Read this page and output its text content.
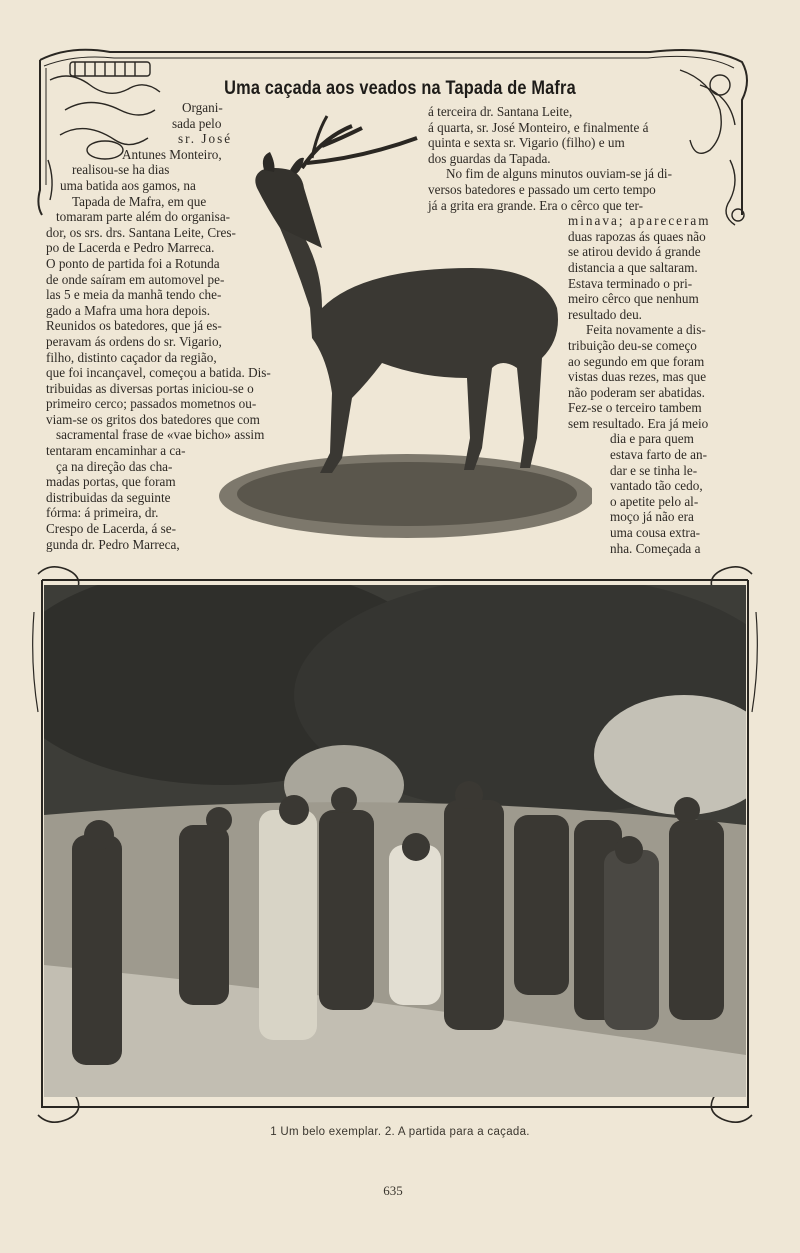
Uma caçada aos veados na Tapada de Mafra

Organi-

sada pelo

sr. José

Antunes Monteiro,

realisou-se ha dias

uma batida aos gamos, na

Tapada de Mafra, em que

tomaram parte além do organisa-

dor, os srs. drs. Santana Leite, Cres-

po de Lacerda e Pedro Marreca.

O ponto de partida foi a Rotunda

de onde saíram em automovel pe-

las 5 e meia da manhã tendo che-

gado a Mafra uma hora depois.

Reunidos os batedores, que já es-

peravam ás ordens do sr. Vigario,

filho, distinto caçador da região,

que foi incançavel, começou a batida. Dis-

tribuidas as diversas portas iniciou-se o

primeiro cerco; passados mometnos ou-

viam-se os gritos dos batedores que com

sacramental frase de «vae bicho» assim

tentaram encaminhar a ca-

ça na direção das cha-

madas portas, que foram

distribuidas da seguinte

fórma: á primeira, dr.

Crespo de Lacerda, á se-

gunda dr. Pedro Marreca,

á terceira dr. Santana Leite,

á quarta, sr. José Monteiro, e finalmente á

quinta e sexta sr. Vigario (filho) e um

dos guardas da Tapada.

No fim de alguns minutos ouviam-se já di-

versos batedores e passado um certo tempo

já a grita era grande. Era o cêrco que ter-

minava; apareceram

duas rapozas ás quaes não

se atirou devido á grande

distancia a que saltaram.

Estava terminado o pri-

meiro cêrco que nenhum

resultado deu.

Feita novamente a dis-

tribuição deu-se começo

ao segundo em que foram

vistas duas rezes, mas que

não poderam ser abatidas.

Fez-se o terceiro tambem

sem resultado. Era já meio

dia e para quem

estava farto de an-

dar e se tinha le-

vantado tão cedo,

o apetite pelo al-

moço já não era

uma cousa extra-

nha. Começada a

1 Um belo exemplar. 2. A partida para a caçada.
635
